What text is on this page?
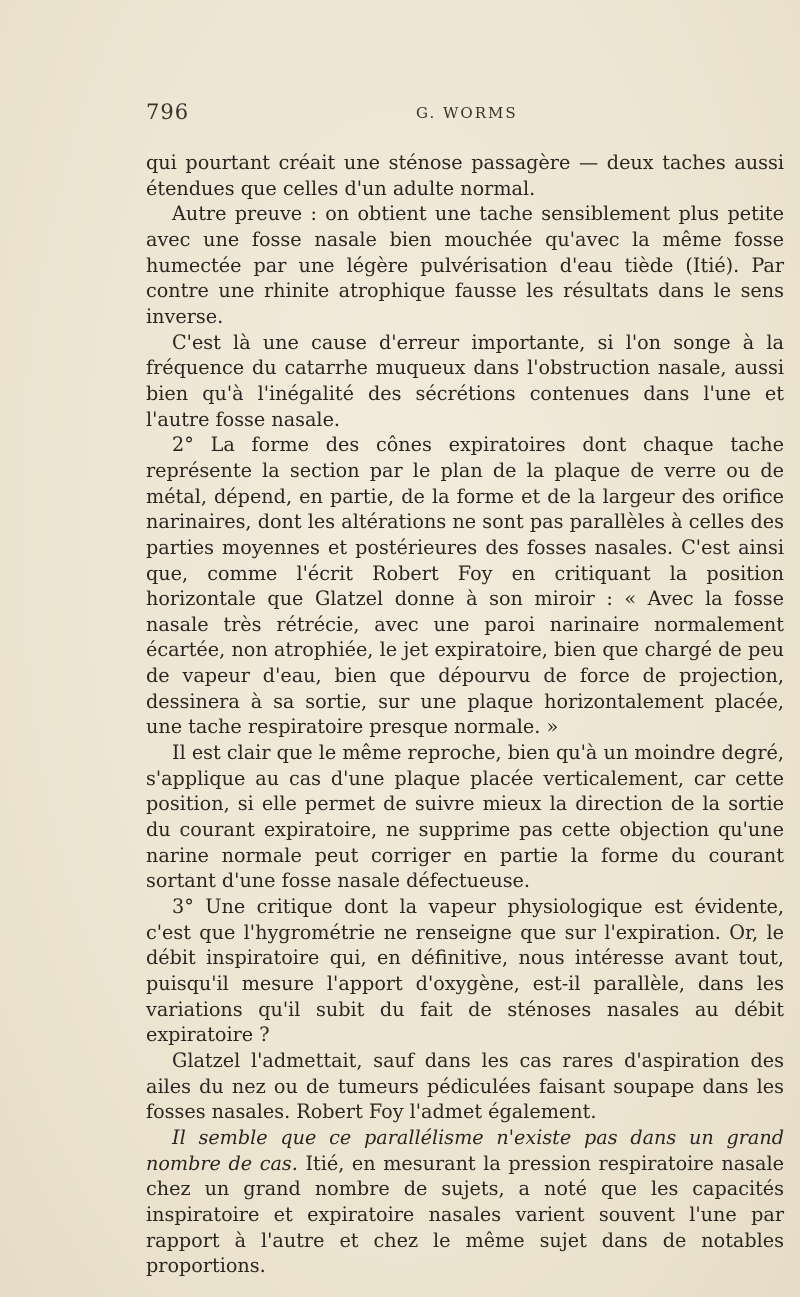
796	G. WORMS

qui pourtant créait une sténose passagère — deux taches aussi étendues que celles d'un adulte normal.

Autre preuve : on obtient une tache sensiblement plus petite avec une fosse nasale bien mouchée qu'avec la même fosse humectée par une légère pulvérisation d'eau tiède (Itié). Par contre une rhinite atrophique fausse les résultats dans le sens inverse.

C'est là une cause d'erreur importante, si l'on songe à la fréquence du catarrhe muqueux dans l'obstruction nasale, aussi bien qu'à l'inégalité des sécrétions contenues dans l'une et l'autre fosse nasale.

2° La forme des cônes expiratoires dont chaque tache représente la section par le plan de la plaque de verre ou de métal, dépend, en partie, de la forme et de la largeur des orifice narinaires, dont les altérations ne sont pas parallèles à celles des parties moyennes et postérieures des fosses nasales. C'est ainsi que, comme l'écrit Robert Foy en critiquant la position horizontale que Glatzel donne à son miroir : « Avec la fosse nasale très rétrécie, avec une paroi narinaire normalement écartée, non atrophiée, le jet expiratoire, bien que chargé de peu de vapeur d'eau, bien que dépourvu de force de projection, dessinera à sa sortie, sur une plaque horizontalement placée, une tache respiratoire presque normale. »

Il est clair que le même reproche, bien qu'à un moindre degré, s'applique au cas d'une plaque placée verticalement, car cette position, si elle permet de suivre mieux la direction de la sortie du courant expiratoire, ne supprime pas cette objection qu'une narine normale peut corriger en partie la forme du courant sortant d'une fosse nasale défectueuse.

3° Une critique dont la vapeur physiologique est évidente, c'est que l'hygrométrie ne renseigne que sur l'expiration. Or, le débit inspiratoire qui, en définitive, nous intéresse avant tout, puisqu'il mesure l'apport d'oxygène, est-il parallèle, dans les variations qu'il subit du fait de sténoses nasales au débit expiratoire ?

Glatzel l'admettait, sauf dans les cas rares d'aspiration des ailes du nez ou de tumeurs pédiculées faisant soupape dans les fosses nasales. Robert Foy l'admet également.

Il semble que ce parallélisme n'existe pas dans un grand nombre de cas. Itié, en mesurant la pression respiratoire nasale chez un grand nombre de sujets, a noté que les capacités inspiratoire et expiratoire nasales varient souvent l'une par rapport à l'autre et chez le même sujet dans de notables proportions.
